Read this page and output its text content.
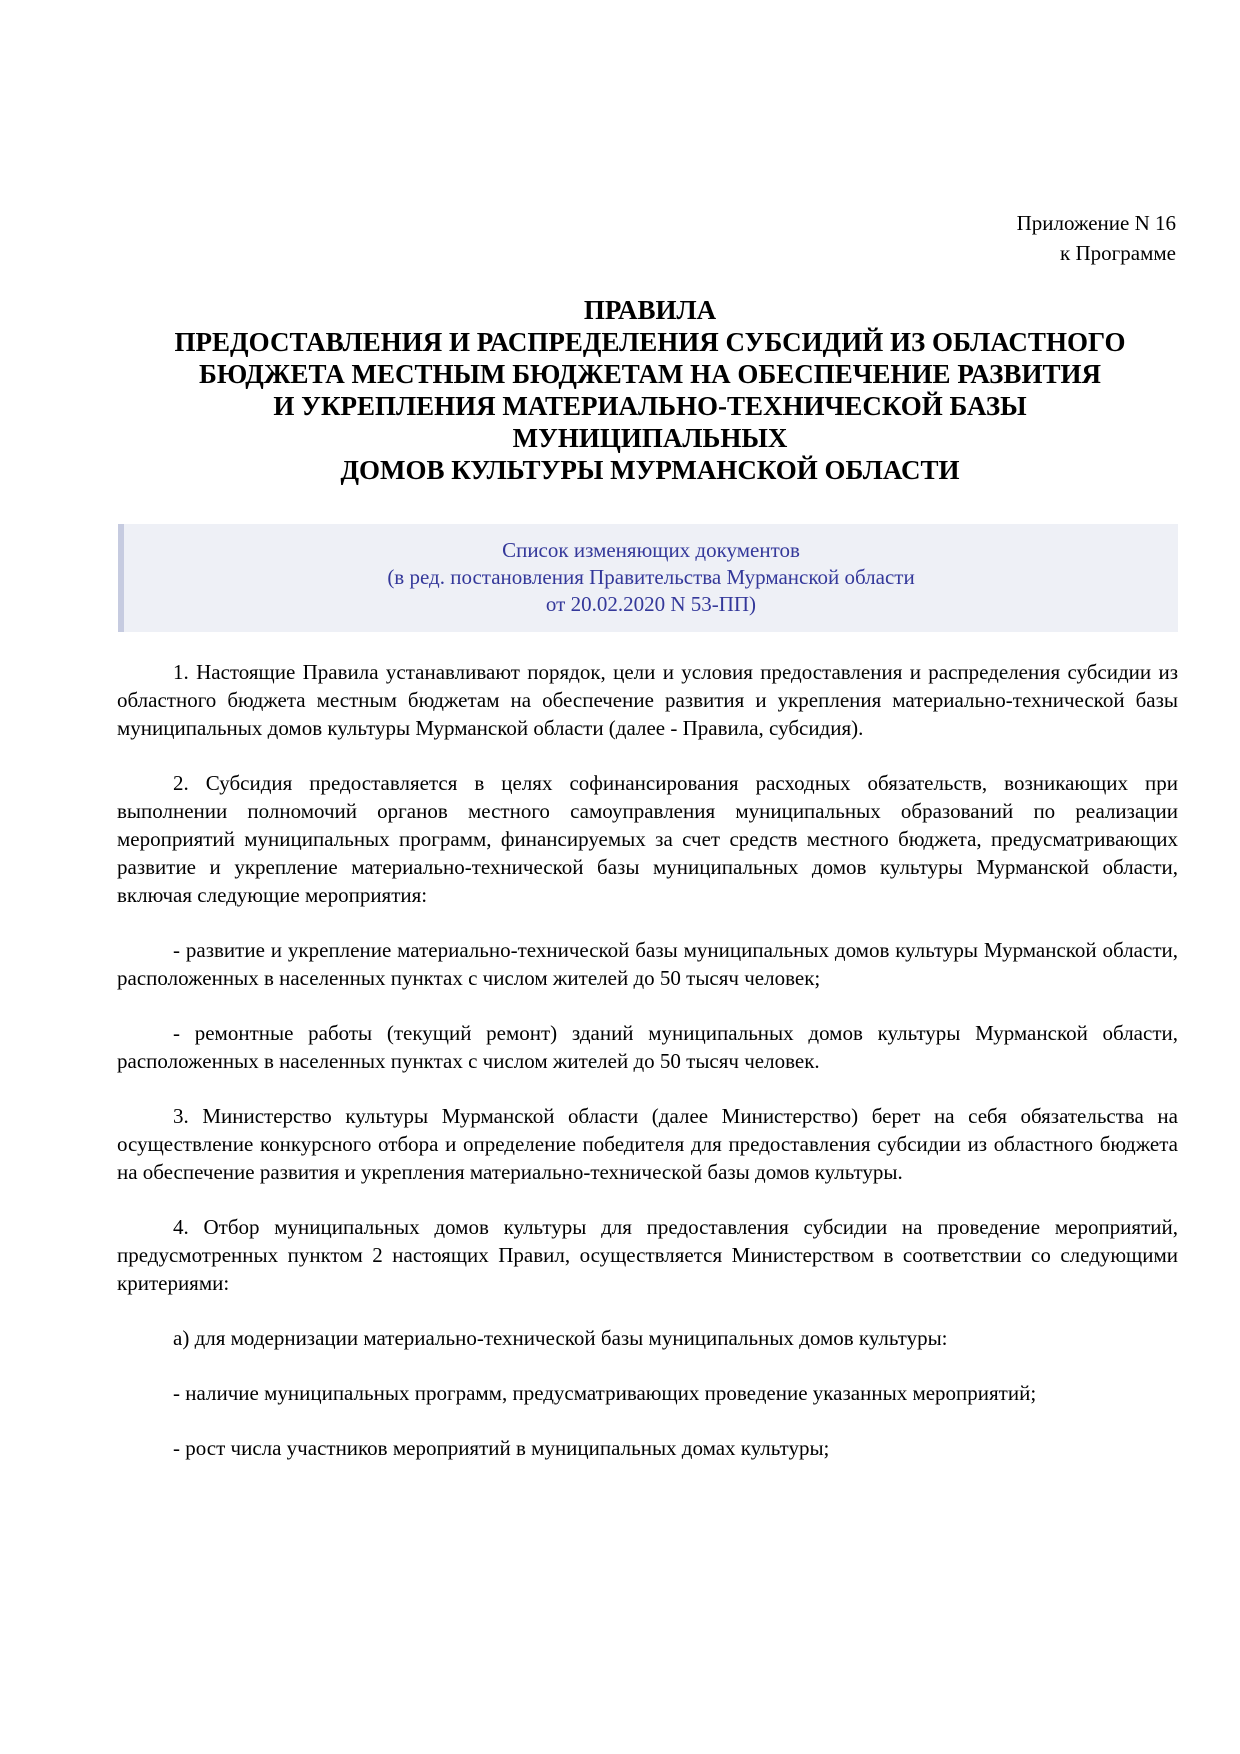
Приложение N 16
к Программе
ПРАВИЛА
ПРЕДОСТАВЛЕНИЯ И РАСПРЕДЕЛЕНИЯ СУБСИДИЙ ИЗ ОБЛАСТНОГО
БЮДЖЕТА МЕСТНЫМ БЮДЖЕТАМ НА ОБЕСПЕЧЕНИЕ РАЗВИТИЯ
И УКРЕПЛЕНИЯ МАТЕРИАЛЬНО-ТЕХНИЧЕСКОЙ БАЗЫ
МУНИЦИПАЛЬНЫХ
ДОМОВ КУЛЬТУРЫ МУРМАНСКОЙ ОБЛАСТИ
Список изменяющих документов
(в ред. постановления Правительства Мурманской области
от 20.02.2020 N 53-ПП)

1. Настоящие Правила устанавливают порядок, цели и условия предоставления и распределения субсидии из областного бюджета местным бюджетам на обеспечение развития и укрепления материально-технической базы муниципальных домов культуры Мурманской области (далее - Правила, субсидия).

2. Субсидия предоставляется в целях софинансирования расходных обязательств, возникающих при выполнении полномочий органов местного самоуправления муниципальных образований по реализации мероприятий муниципальных программ, финансируемых за счет средств местного бюджета, предусматривающих развитие и укрепление материально-технической базы муниципальных домов культуры Мурманской области, включая следующие мероприятия:

- развитие и укрепление материально-технической базы муниципальных домов культуры Мурманской области, расположенных в населенных пунктах с числом жителей до 50 тысяч человек;

- ремонтные работы (текущий ремонт) зданий муниципальных домов культуры Мурманской области, расположенных в населенных пунктах с числом жителей до 50 тысяч человек.

3. Министерство культуры Мурманской области (далее Министерство) берет на себя обязательства на осуществление конкурсного отбора и определение победителя для предоставления субсидии из областного бюджета на обеспечение развития и укрепления материально-технической базы домов культуры.

4. Отбор муниципальных домов культуры для предоставления субсидии на проведение мероприятий, предусмотренных пунктом 2 настоящих Правил, осуществляется Министерством в соответствии со следующими критериями:

а) для модернизации материально-технической базы муниципальных домов культуры:

- наличие муниципальных программ, предусматривающих проведение указанных мероприятий;

- рост числа участников мероприятий в муниципальных домах культуры;
